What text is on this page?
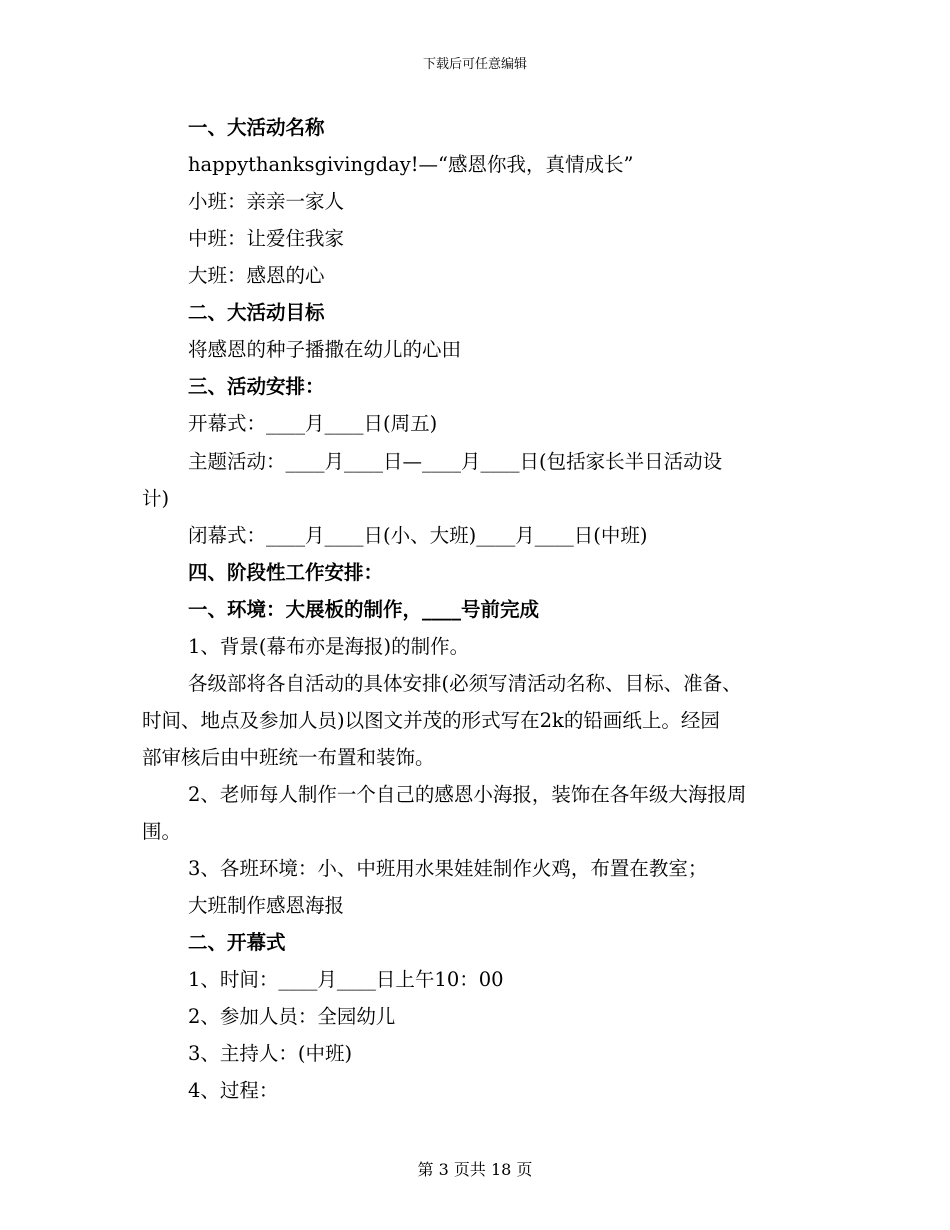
下载后可任意编辑
一、大活动名称
happythanksgivingday!—“感恩你我，真情成长”
小班：亲亲一家人
中班：让爱住我家
大班：感恩的心
二、大活动目标
将感恩的种子播撒在幼儿的心田
三、活动安排：
开幕式：____月____日(周五)
主题活动：____月____日—____月____日(包括家长半日活动设
计)
闭幕式：____月____日(小、大班)____月____日(中班)
四、阶段性工作安排：
一、环境：大展板的制作，____号前完成
1、背景(幕布亦是海报)的制作。
各级部将各自活动的具体安排(必须写清活动名称、目标、准备、
时间、地点及参加人员)以图文并茂的形式写在2k的铅画纸上。经园
部审核后由中班统一布置和装饰。
2、老师每人制作一个自己的感恩小海报，装饰在各年级大海报周
围。
3、各班环境：小、中班用水果娃娃制作火鸡，布置在教室；
大班制作感恩海报
二、开幕式
1、时间：____月____日上午10：00
2、参加人员：全园幼儿
3、主持人：(中班)
4、过程：
第 3 页共 18 页
